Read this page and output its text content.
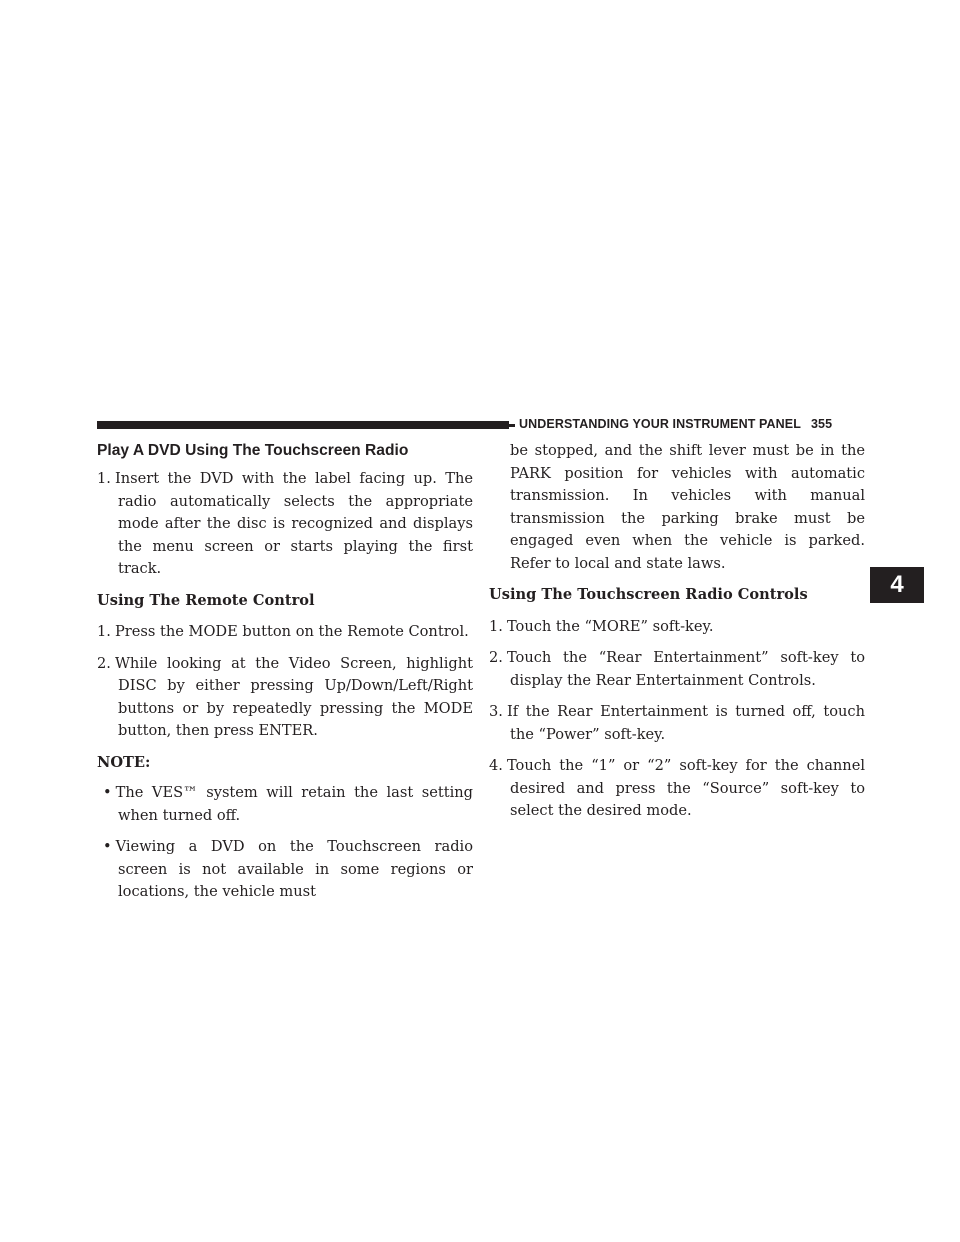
UNDERSTANDING YOUR INSTRUMENT PANEL 355
4
Play A DVD Using The Touchscreen Radio
1. Insert the DVD with the label facing up. The radio automatically selects the appropriate mode after the disc is recognized and displays the menu screen or starts playing the first track.
Using The Remote Control
1. Press the MODE button on the Remote Control.
2. While looking at the Video Screen, highlight DISC by either pressing Up/Down/Left/Right buttons or by repeatedly pressing the MODE button, then press ENTER.
NOTE:
• The VES™ system will retain the last setting when turned off.
• Viewing a DVD on the Touchscreen radio screen is not available in some regions or locations, the vehicle must
be stopped, and the shift lever must be in the PARK position for vehicles with automatic transmission. In vehicles with manual transmission the parking brake must be engaged even when the vehicle is parked. Refer to local and state laws.
Using The Touchscreen Radio Controls
1. Touch the “MORE” soft-key.
2. Touch the “Rear Entertainment” soft-key to display the Rear Entertainment Controls.
3. If the Rear Entertainment is turned off, touch the “Power” soft-key.
4. Touch the “1” or “2” soft-key for the channel desired and press the “Source” soft-key to select the desired mode.
